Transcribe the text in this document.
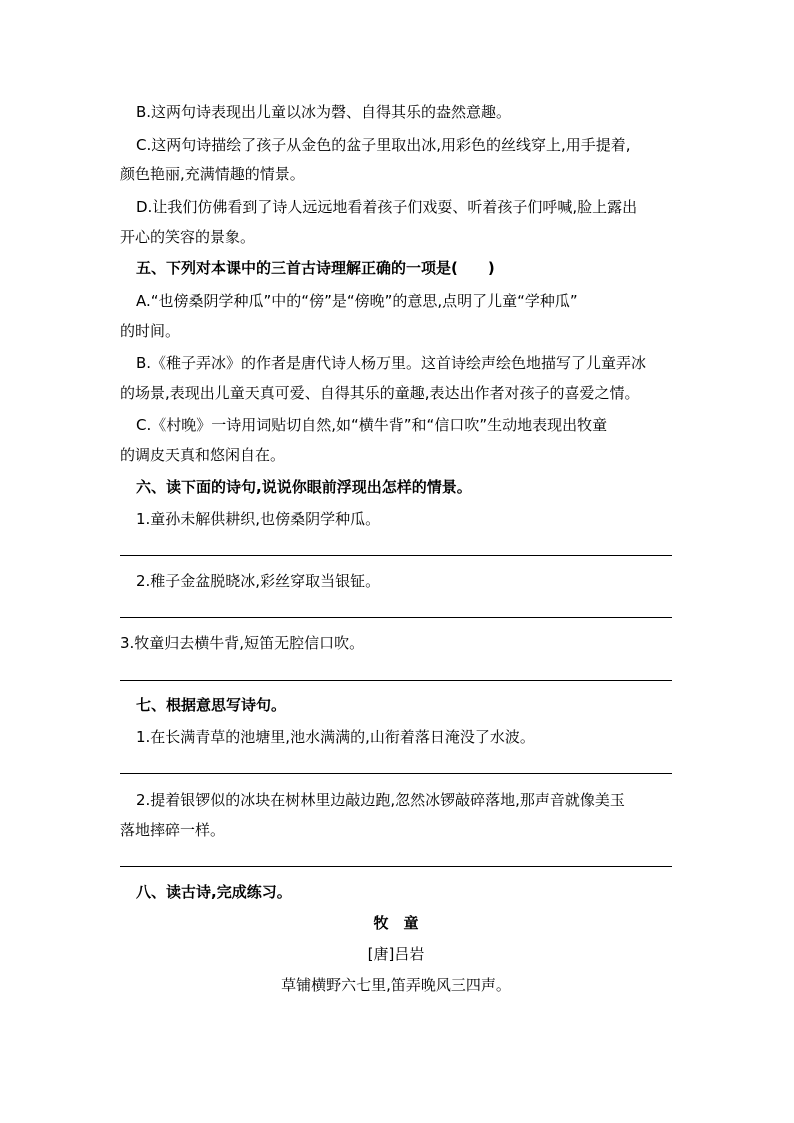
B.这两句诗表现出儿童以冰为磬、自得其乐的盎然意趣。
C.这两句诗描绘了孩子从金色的盆子里取出冰,用彩色的丝线穿上,用手提着,
颜色艳丽,充满情趣的情景。
D.让我们仿佛看到了诗人远远地看着孩子们戏耍、听着孩子们呼喊,脸上露出
开心的笑容的景象。
五、下列对本课中的三首古诗理解正确的一项是(　　)
A.“也傍桑阴学种瓜”中的“傍”是“傍晚”的意思,点明了儿童“学种瓜”
的时间。
B.《稚子弄冰》的作者是唐代诗人杨万里。这首诗绘声绘色地描写了儿童弄冰
的场景,表现出儿童天真可爱、自得其乐的童趣,表达出作者对孩子的喜爱之情。
C.《村晚》一诗用词贴切自然,如“横牛背”和“信口吹”生动地表现出牧童
的调皮天真和悠闲自在。
六、读下面的诗句,说说你眼前浮现出怎样的情景。
1.童孙未解供耕织,也傍桑阴学种瓜。
2.稚子金盆脱晓冰,彩丝穿取当银钲。
3.牧童归去横牛背,短笛无腔信口吹。
七、根据意思写诗句。
1.在长满青草的池塘里,池水满满的,山衔着落日淹没了水波。
2.提着银锣似的冰块在树林里边敲边跑,忽然冰锣敲碎落地,那声音就像美玉
落地摔碎一样。
八、读古诗,完成练习。
牧　童
[唐]吕岩
草铺横野六七里,笛弄晚风三四声。
